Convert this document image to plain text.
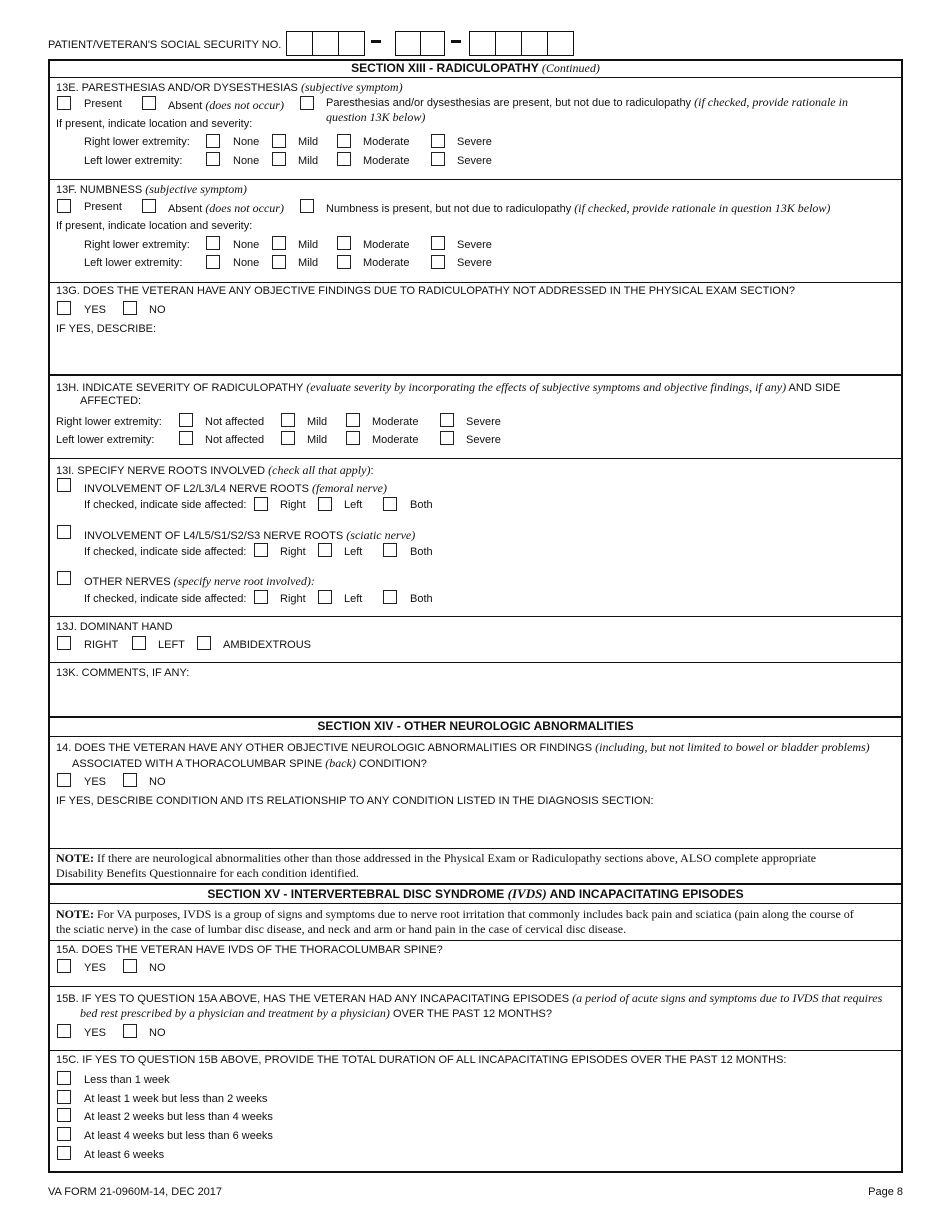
PATIENT/VETERAN'S SOCIAL SECURITY NO.
SECTION XIII - RADICULOPATHY (Continued)
13E. PARESTHESIAS AND/OR DYSESTHESIAS (subjective symptom)
Present	Absent (does not occur)	Paresthesias and/or dysesthesias are present, but not due to radiculopathy (if checked, provide rationale in
question 13K below)
If present, indicate location and severity:
Right lower extremity:	None	Mild	Moderate	Severe
Left lower extremity:	None	Mild	Moderate	Severe
13F. NUMBNESS (subjective symptom)
Present	Absent (does not occur)	Numbness is present, but not due to radiculopathy (if checked, provide rationale in question 13K below)
If present, indicate location and severity:
Right lower extremity:	None	Mild	Moderate	Severe
Left lower extremity:	None	Mild	Moderate	Severe
13G. DOES THE VETERAN HAVE ANY OBJECTIVE FINDINGS DUE TO RADICULOPATHY NOT ADDRESSED IN THE PHYSICAL EXAM SECTION?
YES	NO
IF YES, DESCRIBE:
13H. INDICATE SEVERITY OF RADICULOPATHY (evaluate severity by incorporating the effects of subjective symptoms and objective findings, if any) AND SIDE
AFFECTED:
Right lower extremity:	Not affected	Mild	Moderate	Severe
Left lower extremity:	Not affected	Mild	Moderate	Severe
13I. SPECIFY NERVE ROOTS INVOLVED (check all that apply):
INVOLVEMENT OF L2/L3/L4 NERVE ROOTS (femoral nerve)
If checked, indicate side affected:	Right	Left	Both
INVOLVEMENT OF L4/L5/S1/S2/S3 NERVE ROOTS (sciatic nerve)
If checked, indicate side affected:	Right	Left	Both
OTHER NERVES (specify nerve root involved):
If checked, indicate side affected:	Right	Left	Both
13J. DOMINANT HAND
RIGHT	LEFT	AMBIDEXTROUS
13K. COMMENTS, IF ANY:
SECTION XIV - OTHER NEUROLOGIC ABNORMALITIES
14. DOES THE VETERAN HAVE ANY OTHER OBJECTIVE NEUROLOGIC ABNORMALITIES OR FINDINGS (including, but not limited to bowel or bladder problems)
ASSOCIATED WITH A THORACOLUMBAR SPINE (back) CONDITION?
YES	NO
IF YES, DESCRIBE CONDITION AND ITS RELATIONSHIP TO ANY CONDITION LISTED IN THE DIAGNOSIS SECTION:
NOTE: If there are neurological abnormalities other than those addressed in the Physical Exam or Radiculopathy sections above, ALSO complete appropriate
Disability Benefits Questionnaire for each condition identified.
SECTION XV - INTERVERTEBRAL DISC SYNDROME (IVDS) AND INCAPACITATING EPISODES
NOTE: For VA purposes, IVDS is a group of signs and symptoms due to nerve root irritation that commonly includes back pain and sciatica (pain along the course of
the sciatic nerve) in the case of lumbar disc disease, and neck and arm or hand pain in the case of cervical disc disease.
15A. DOES THE VETERAN HAVE IVDS OF THE THORACOLUMBAR SPINE?
YES	NO
15B. IF YES TO QUESTION 15A ABOVE, HAS THE VETERAN HAD ANY INCAPACITATING EPISODES (a period of acute signs and symptoms due to IVDS that requires
bed rest prescribed by a physician and treatment by a physician) OVER THE PAST 12 MONTHS?
YES	NO
15C. IF YES TO QUESTION 15B ABOVE, PROVIDE THE TOTAL DURATION OF ALL INCAPACITATING EPISODES OVER THE PAST 12 MONTHS:
Less than 1 week
At least 1 week but less than 2 weeks
At least 2 weeks but less than 4 weeks
At least 4 weeks but less than 6 weeks
At least 6 weeks
VA FORM 21-0960M-14, DEC 2017	Page 8
